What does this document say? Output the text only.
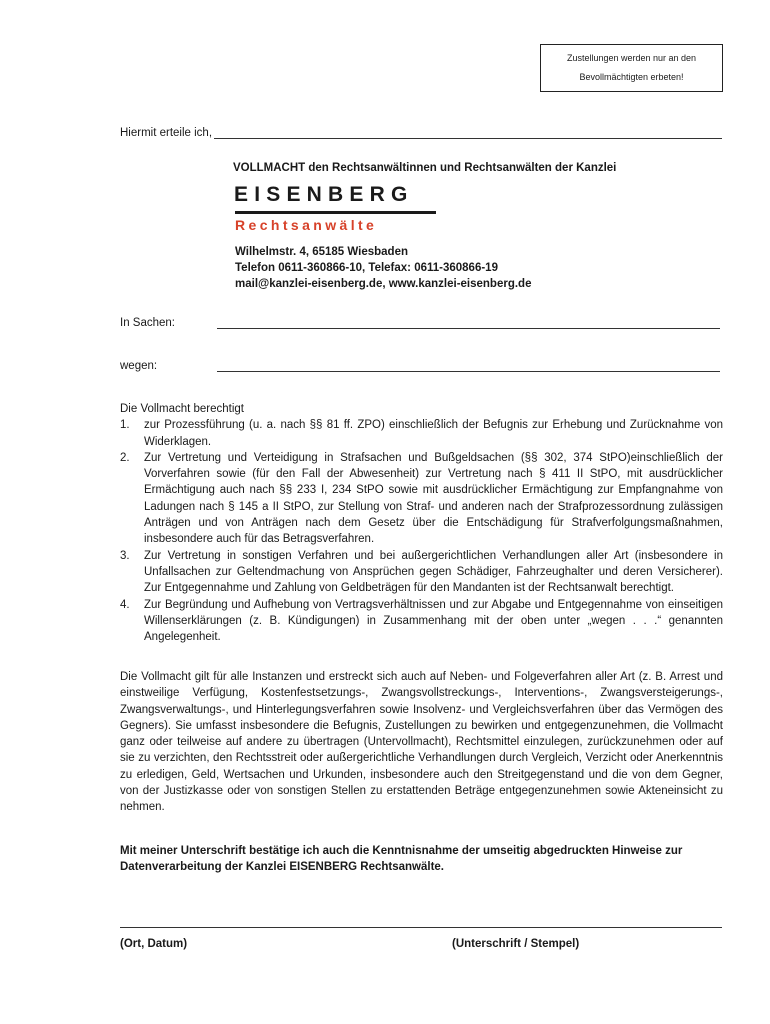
Zustellungen werden nur an den
Bevollmächtigten erbeten!
Hiermit erteile ich,
VOLLMACHT den Rechtsanwältinnen und Rechtsanwälten der Kanzlei
EISENBERG
Rechtsanwälte
Wilhelmstr. 4, 65185 Wiesbaden
Telefon 0611-360866-10, Telefax: 0611-360866-19
mail@kanzlei-eisenberg.de, www.kanzlei-eisenberg.de
In Sachen:
wegen:
Die Vollmacht berechtigt
1. zur Prozessführung (u. a. nach §§ 81 ff. ZPO) einschließlich der Befugnis zur Erhebung und Zurücknahme von Widerklagen.
2. Zur Vertretung und Verteidigung in Strafsachen und Bußgeldsachen (§§ 302, 374 StPO)einschließlich der Vorverfahren sowie (für den Fall der Abwesenheit) zur Vertretung nach § 411 II StPO, mit ausdrücklicher Ermächtigung auch nach §§ 233 I, 234 StPO sowie mit ausdrücklicher Ermächtigung zur Empfangnahme von Ladungen nach § 145 a II StPO, zur Stellung von Straf- und anderen nach der Strafprozessordnung zulässigen Anträgen und von Anträgen nach dem Gesetz über die Entschädigung für Strafverfolgungsmaßnahmen, insbesondere auch für das Betragsverfahren.
3. Zur Vertretung in sonstigen Verfahren und bei außergerichtlichen Verhandlungen aller Art (insbesondere in Unfallsachen zur Geltendmachung von Ansprüchen gegen Schädiger, Fahrzeughalter und deren Versicherer). Zur Entgegennahme und Zahlung von Geldbeträgen für den Mandanten ist der Rechtsanwalt berechtigt.
4. Zur Begründung und Aufhebung von Vertragsverhältnissen und zur Abgabe und Entgegennahme von einseitigen Willenserklärungen (z. B. Kündigungen) in Zusammenhang mit der oben unter „wegen . . .“ genannten Angelegenheit.
Die Vollmacht gilt für alle Instanzen und erstreckt sich auch auf Neben- und Folgeverfahren aller Art (z. B. Arrest und einstweilige Verfügung, Kostenfestsetzungs-, Zwangsvollstreckungs-, Interventions-, Zwangsversteigerungs-, Zwangsverwaltungs-, und Hinterlegungsverfahren sowie Insolvenz- und Vergleichsverfahren über das Vermögen des Gegners). Sie umfasst insbesondere die Befugnis, Zustellungen zu bewirken und entgegenzunehmen, die Vollmacht ganz oder teilweise auf andere zu übertragen (Untervollmacht), Rechtsmittel einzulegen, zurückzunehmen oder auf sie zu verzichten, den Rechtsstreit oder außergerichtliche Verhandlungen durch Vergleich, Verzicht oder Anerkenntnis zu erledigen, Geld, Wertsachen und Urkunden, insbesondere auch den Streitgegenstand und die von dem Gegner, von der Justizkasse oder von sonstigen Stellen zu erstattenden Beträge entgegenzunehmen sowie Akteneinsicht zu nehmen.
Mit meiner Unterschrift bestätige ich auch die Kenntnisnahme der umseitig abgedruckten Hinweise zur Datenverarbeitung der Kanzlei EISENBERG Rechtsanwälte.
(Ort, Datum)	(Unterschrift / Stempel)
